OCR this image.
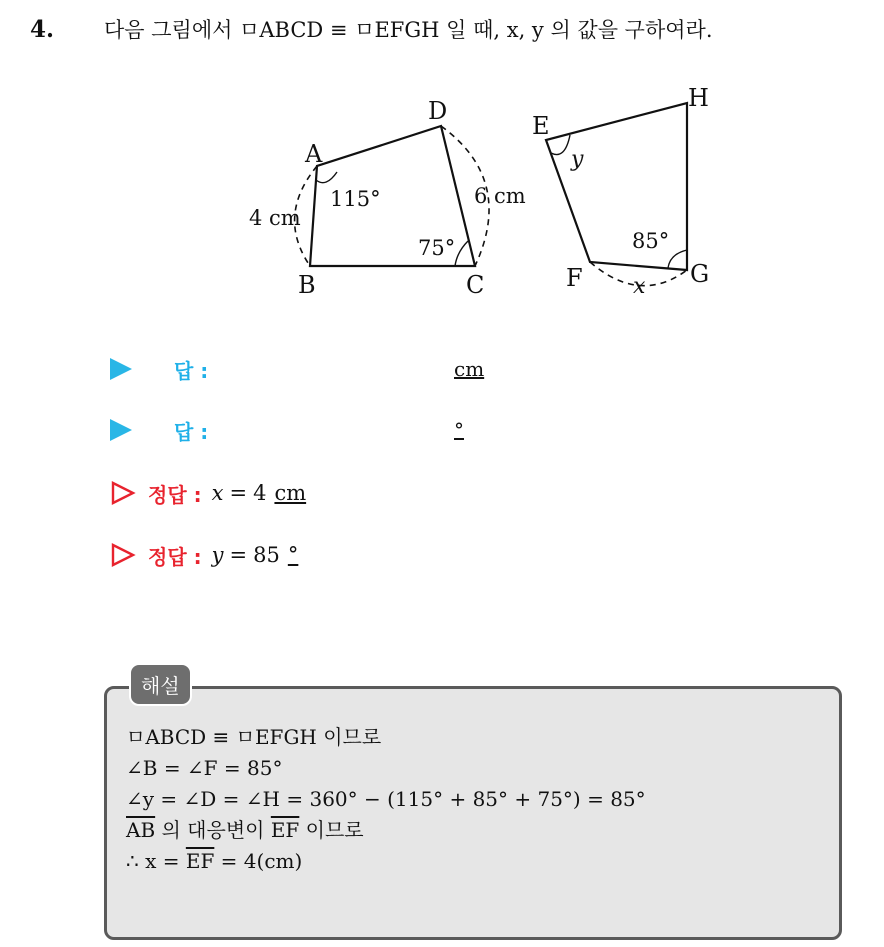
4. 다음 그림에서 ㅁABCD ≡ ㅁEFGH 일 때, x, y 의 값을 구하여라.
A
B	C
D
4 cm
6 cm
115°
75°
E
F	G
H
x
y
85°
답 :	cm
답 :	°
정답 : x = 4 cm
정답 : y = 85 °
해설
ㅁABCD ≡ ㅁEFGH 이므로
∠B = ∠F = 85°
∠y = ∠D = ∠H = 360° − (115° + 85° + 75°) = 85°
$\overline{AB}$ 의 대응변이 $\overline{EF}$ 이므로
∴ $x = \overline{EF} = 4(cm)$
